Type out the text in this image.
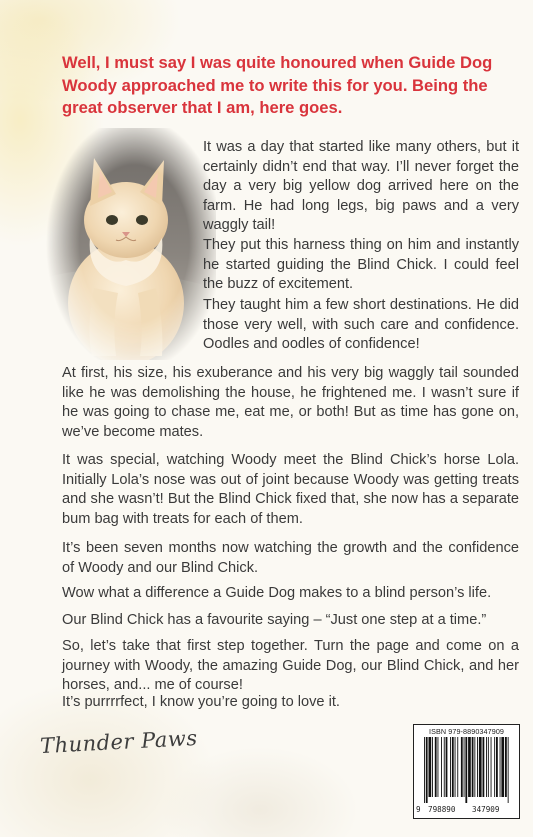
Well, I must say I was quite honoured when Guide Dog Woody approached me to write this for you. Being the great observer that I am, here goes.

It was a day that started like many others, but it certainly didn’t end that way. I’ll never forget the day a very big yellow dog arrived here on the farm. He had long legs, big paws and a very waggly tail!

They put this harness thing on him and instantly he started guiding the Blind Chick. I could feel the buzz of excitement.

They taught him a few short destinations. He did those very well, with such care and confidence. Oodles and oodles of confidence!

At first, his size, his exuberance and his very big waggly tail sounded like he was demolishing the house, he frightened me. I wasn’t sure if he was going to chase me, eat me, or both! But as time has gone on, we’ve become mates.

It was special, watching Woody meet the Blind Chick’s horse Lola. Initially Lola’s nose was out of joint because Woody was getting treats and she wasn’t! But the Blind Chick fixed that, she now has a separate bum bag with treats for each of them.

It’s been seven months now watching the growth and the confidence of Woody and our Blind Chick.

Wow what a difference a Guide Dog makes to a blind person’s life.

Our Blind Chick has a favourite saying – “Just one step at a time.”

So, let’s take that first step together. Turn the page and come on a journey with Woody, the amazing Guide Dog, our Blind Chick, and her horses, and... me of course!

It’s purrrrfect, I know you’re going to love it.

Thunder Paws	ISBN 979-8890347909
9 798890 347909
